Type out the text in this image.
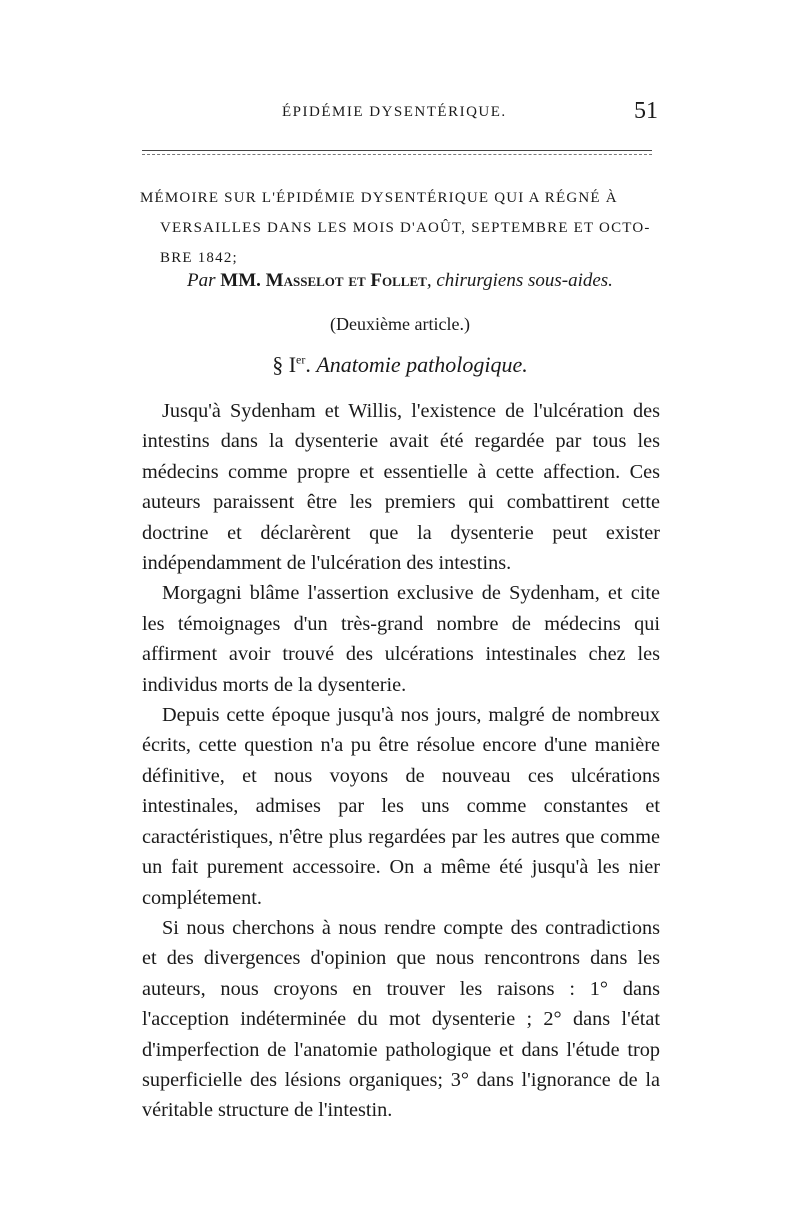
ÉPIDÉMIE DYSENTÉRIQUE.	51
MÉMOIRE SUR L'ÉPIDÉMIE DYSENTÉRIQUE QUI A RÉGNÉ À
VERSAILLES DANS LES MOIS D'AOÛT, SEPTEMBRE ET OCTO-
BRE 1842;
Par MM. Masselot et Follet, chirurgiens sous-aides.
(Deuxième article.)
§ Ier. Anatomie pathologique.

Jusqu'à Sydenham et Willis, l'existence de l'ulcération des intestins dans la dysenterie avait été regardée par tous les médecins comme propre et essentielle à cette affection. Ces auteurs paraissent être les premiers qui combattirent cette doctrine et déclarèrent que la dysenterie peut exister indépendamment de l'ulcération des intestins.

Morgagni blâme l'assertion exclusive de Sydenham, et cite les témoignages d'un très-grand nombre de médecins qui affirment avoir trouvé des ulcérations intestinales chez les individus morts de la dysenterie.

Depuis cette époque jusqu'à nos jours, malgré de nombreux écrits, cette question n'a pu être résolue encore d'une manière définitive, et nous voyons de nouveau ces ulcérations intestinales, admises par les uns comme constantes et caractéristiques, n'être plus regardées par les autres que comme un fait purement accessoire. On a même été jusqu'à les nier complétement.

Si nous cherchons à nous rendre compte des contradictions et des divergences d'opinion que nous rencontrons dans les auteurs, nous croyons en trouver les raisons : 1° dans l'acception indéterminée du mot dysenterie ; 2° dans l'état d'imperfection de l'anatomie pathologique et dans l'étude trop superficielle des lésions organiques; 3° dans l'ignorance de la véritable structure de l'intestin.
